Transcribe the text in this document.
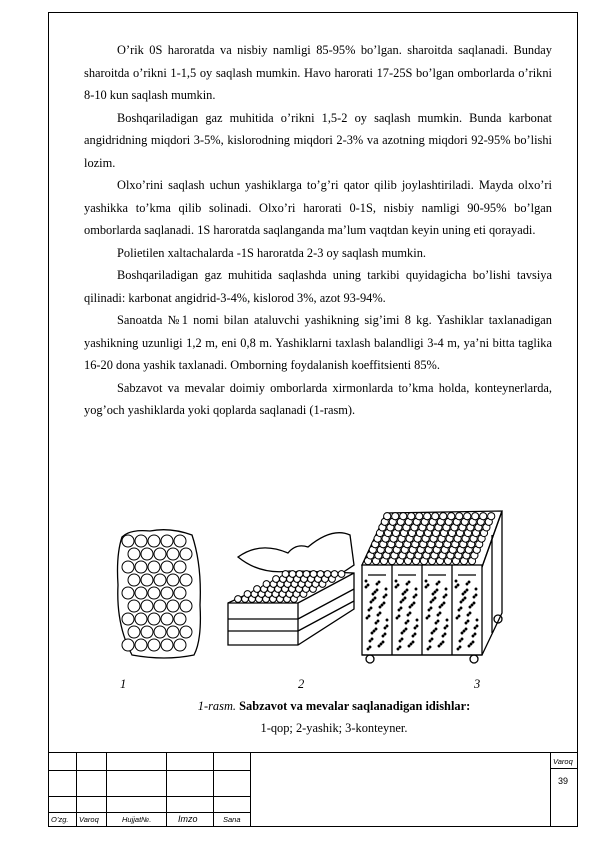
O’rik 0S haroratda va nisbiy namligi 85-95% bo’lgan. sharoitda saqlanadi. Bunday sharoitda o’rikni 1-1,5 oy saqlash mumkin. Havo harorati 17-25S bo’lgan omborlarda o’rikni 8-10 kun saqlash mumkin.

Boshqariladigan gaz muhitida o’rikni 1,5-2 oy saqlash mumkin. Bunda karbonat angidridning miqdori 3-5%, kislorodning miqdori 2-3% va azotning miqdori 92-95% bo’lishi lozim.

Olxo’rini saqlash uchun yashiklarga to’g’ri qator qilib joylashtiriladi. Mayda olxo’ri yashikka to’kma qilib solinadi. Olxo’ri harorati 0-1S, nisbiy namligi 90-95% bo’lgan omborlarda saqlanadi. 1S haroratda saqlanganda ma’lum vaqtdan keyin uning eti qorayadi.

Polietilen xaltachalarda -1S haroratda 2-3 oy saqlash mumkin.

Boshqariladigan gaz muhitida saqlashda uning tarkibi quyidagicha bo’lishi tavsiya qilinadi: karbonat angidrid-3-4%, kislorod 3%, azot 93-94%.

Sanoatda №1 nomi bilan ataluvchi yashikning sig’imi 8 kg. Yashiklar taxlanadigan yashikning uzunligi 1,2 m, eni 0,8 m. Yashiklarni taxlash balandligi 3-4 m, ya’ni bitta taglika 16-20 dona yashik taxlanadi. Omborning foydalanish koeffitsienti 85%.

Sabzavot va mevalar doimiy omborlarda xirmonlarda to’kma holda, konteynerlarda, yog’och yashiklarda yoki qoplarda saqlanadi (1-rasm).

1	2	3
1-rasm. Sabzavot va mevalar saqlanadigan idishlar:
1-qop; 2-yashik; 3-konteyner.
O’zg. Varoq	Hujjat№.	Imzo	Sana
Varoq
39
